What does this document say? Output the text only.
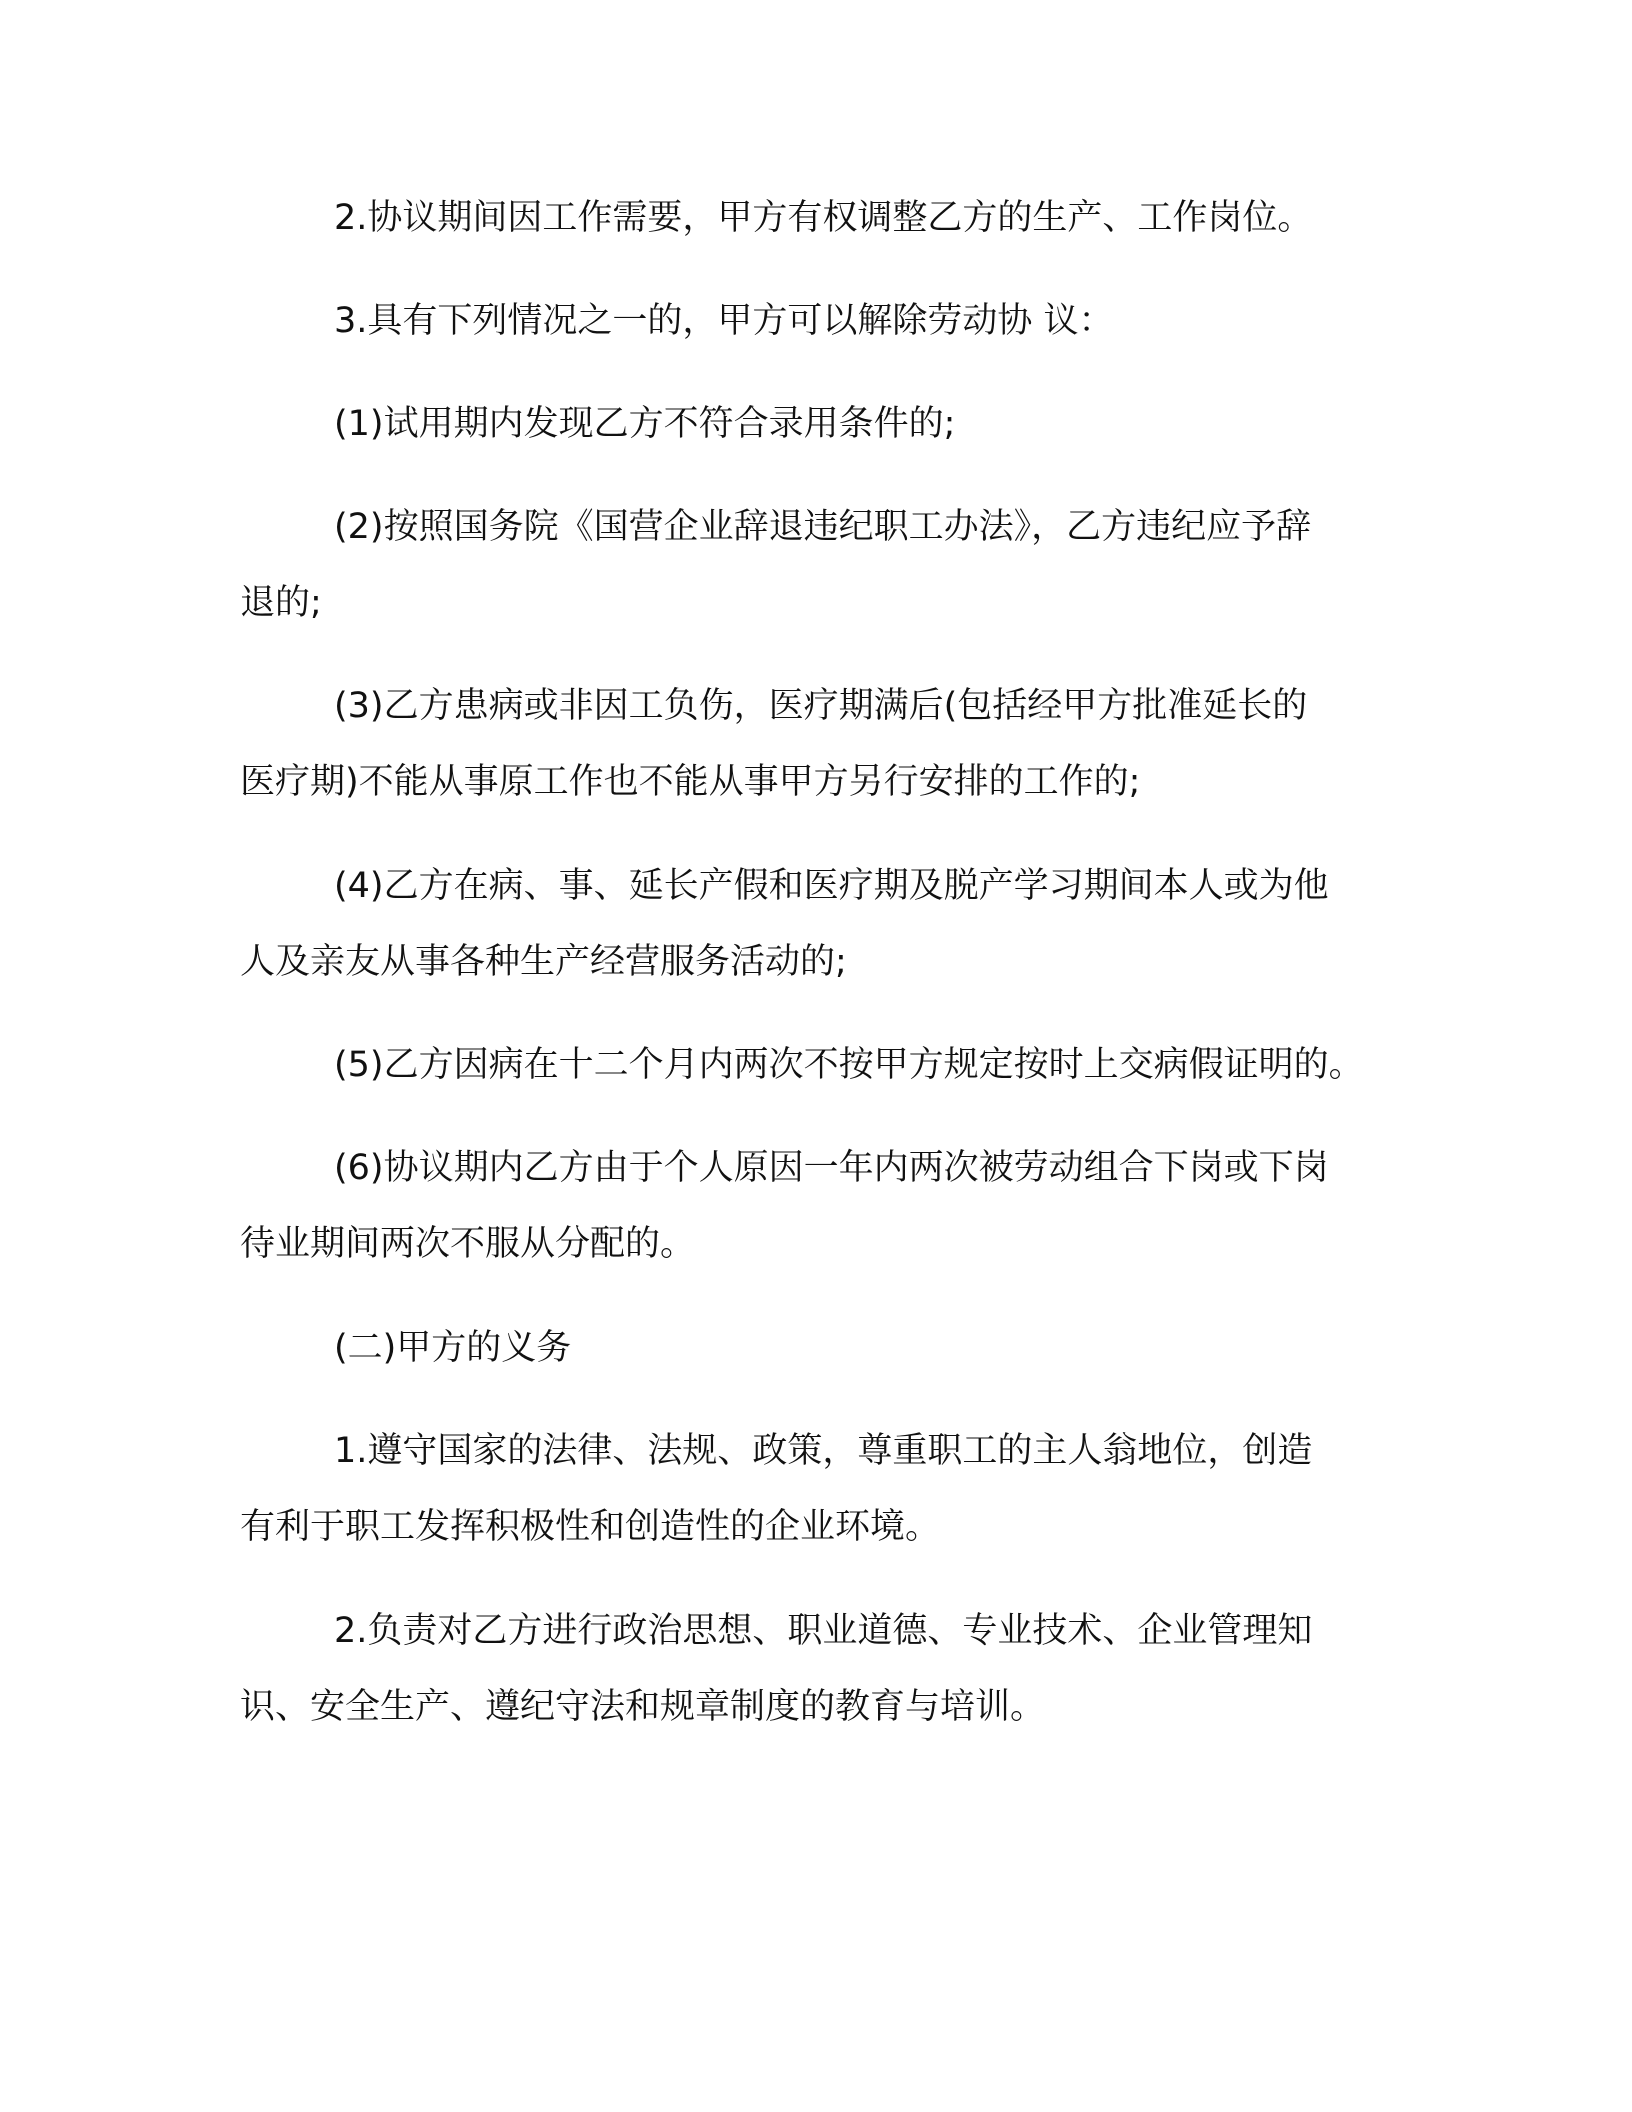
2.协议期间因工作需要，甲方有权调整乙方的生产、工作岗位。
3.具有下列情况之一的，甲方可以解除劳动协 议：
(1)试用期内发现乙方不符合录用条件的;
(2)按照国务院《国营企业辞退违纪职工办法》，乙方违纪应予辞
退的;
(3)乙方患病或非因工负伤，医疗期满后(包括经甲方批准延长的
医疗期)不能从事原工作也不能从事甲方另行安排的工作的;
(4)乙方在病、事、延长产假和医疗期及脱产学习期间本人或为他
人及亲友从事各种生产经营服务活动的;
(5)乙方因病在十二个月内两次不按甲方规定按时上交病假证明的。
(6)协议期内乙方由于个人原因一年内两次被劳动组合下岗或下岗
待业期间两次不服从分配的。
(二)甲方的义务
1.遵守国家的法律、法规、政策，尊重职工的主人翁地位，创造
有利于职工发挥积极性和创造性的企业环境。
2.负责对乙方进行政治思想、职业道德、专业技术、企业管理知
识、安全生产、遵纪守法和规章制度的教育与培训。
